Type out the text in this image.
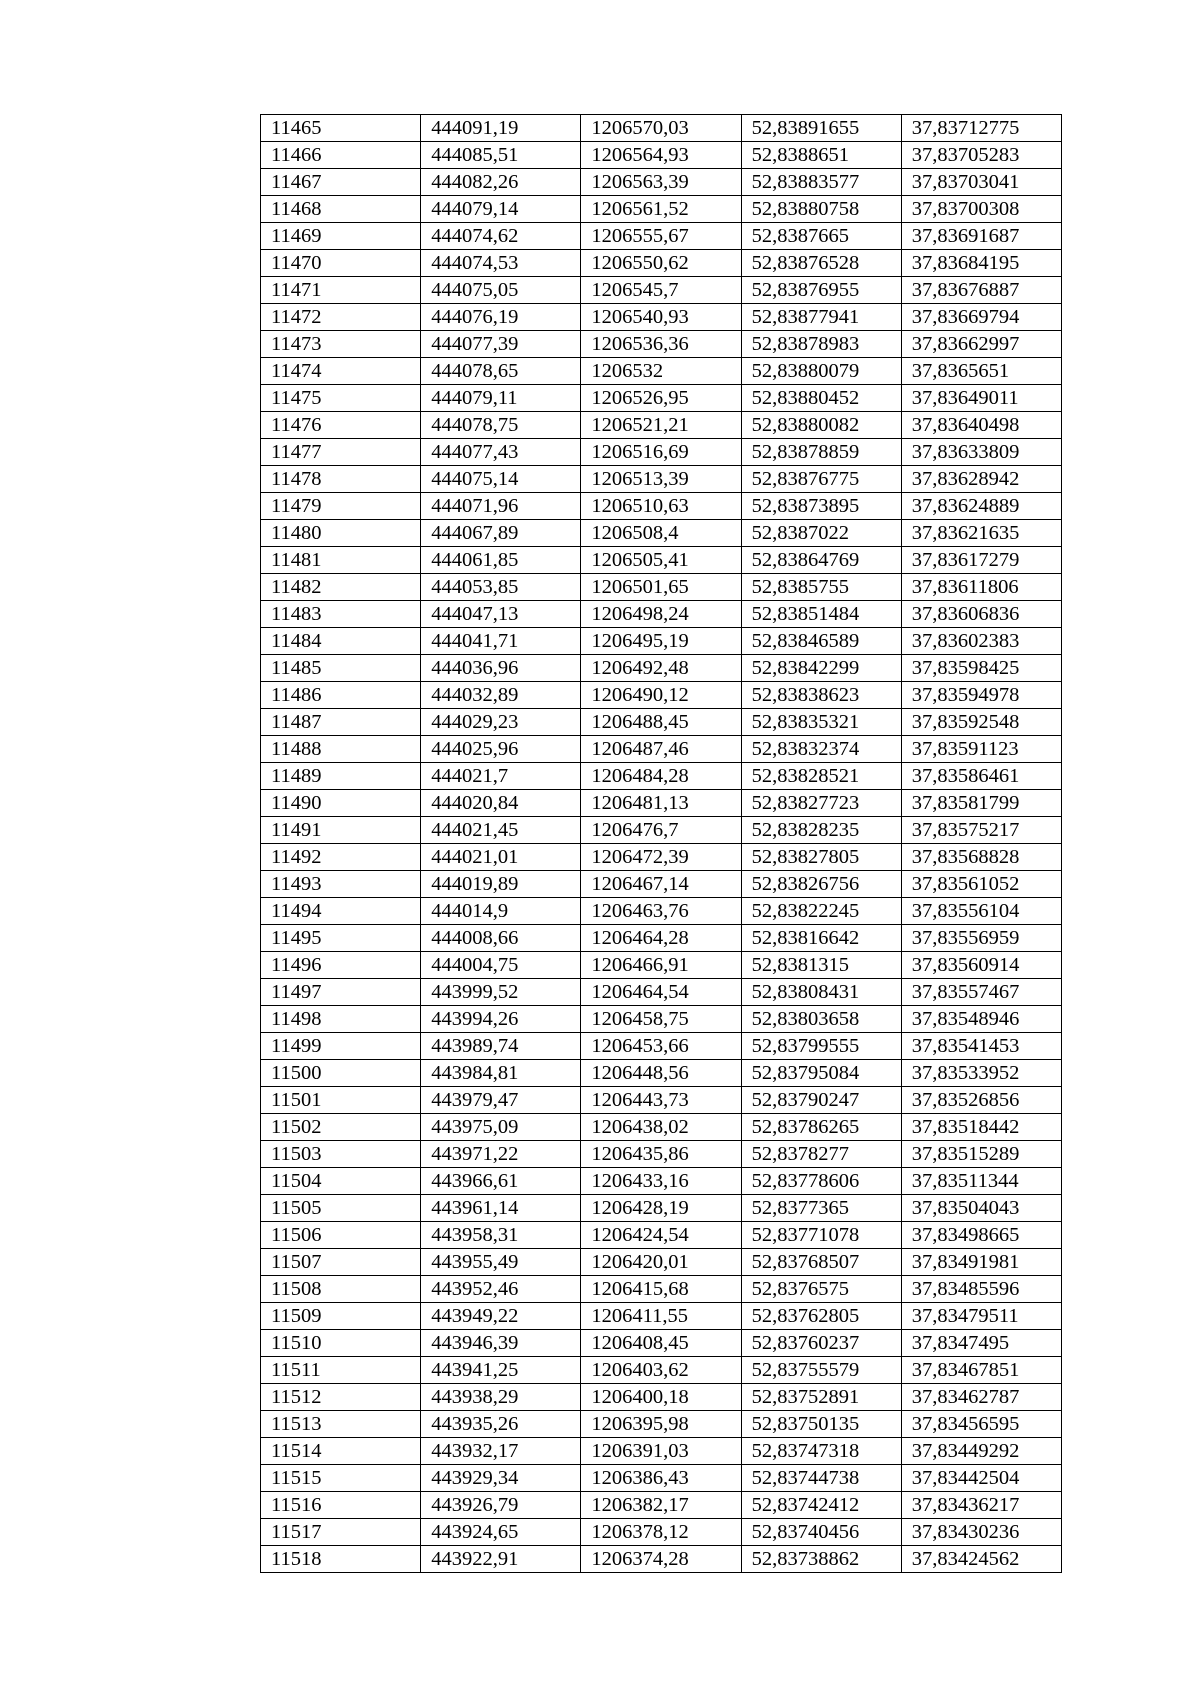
11465	444091,19	1206570,03	52,83891655	37,83712775
11466	444085,51	1206564,93	52,8388651	37,83705283
11467	444082,26	1206563,39	52,83883577	37,83703041
11468	444079,14	1206561,52	52,83880758	37,83700308
11469	444074,62	1206555,67	52,8387665	37,83691687
11470	444074,53	1206550,62	52,83876528	37,83684195
11471	444075,05	1206545,7	52,83876955	37,83676887
11472	444076,19	1206540,93	52,83877941	37,83669794
11473	444077,39	1206536,36	52,83878983	37,83662997
11474	444078,65	1206532	52,83880079	37,8365651
11475	444079,11	1206526,95	52,83880452	37,83649011
11476	444078,75	1206521,21	52,83880082	37,83640498
11477	444077,43	1206516,69	52,83878859	37,83633809
11478	444075,14	1206513,39	52,83876775	37,83628942
11479	444071,96	1206510,63	52,83873895	37,83624889
11480	444067,89	1206508,4	52,8387022	37,83621635
11481	444061,85	1206505,41	52,83864769	37,83617279
11482	444053,85	1206501,65	52,8385755	37,83611806
11483	444047,13	1206498,24	52,83851484	37,83606836
11484	444041,71	1206495,19	52,83846589	37,83602383
11485	444036,96	1206492,48	52,83842299	37,83598425
11486	444032,89	1206490,12	52,83838623	37,83594978
11487	444029,23	1206488,45	52,83835321	37,83592548
11488	444025,96	1206487,46	52,83832374	37,83591123
11489	444021,7	1206484,28	52,83828521	37,83586461
11490	444020,84	1206481,13	52,83827723	37,83581799
11491	444021,45	1206476,7	52,83828235	37,83575217
11492	444021,01	1206472,39	52,83827805	37,83568828
11493	444019,89	1206467,14	52,83826756	37,83561052
11494	444014,9	1206463,76	52,83822245	37,83556104
11495	444008,66	1206464,28	52,83816642	37,83556959
11496	444004,75	1206466,91	52,8381315	37,83560914
11497	443999,52	1206464,54	52,83808431	37,83557467
11498	443994,26	1206458,75	52,83803658	37,83548946
11499	443989,74	1206453,66	52,83799555	37,83541453
11500	443984,81	1206448,56	52,83795084	37,83533952
11501	443979,47	1206443,73	52,83790247	37,83526856
11502	443975,09	1206438,02	52,83786265	37,83518442
11503	443971,22	1206435,86	52,8378277	37,83515289
11504	443966,61	1206433,16	52,83778606	37,83511344
11505	443961,14	1206428,19	52,8377365	37,83504043
11506	443958,31	1206424,54	52,83771078	37,83498665
11507	443955,49	1206420,01	52,83768507	37,83491981
11508	443952,46	1206415,68	52,8376575	37,83485596
11509	443949,22	1206411,55	52,83762805	37,83479511
11510	443946,39	1206408,45	52,83760237	37,8347495
11511	443941,25	1206403,62	52,83755579	37,83467851
11512	443938,29	1206400,18	52,83752891	37,83462787
11513	443935,26	1206395,98	52,83750135	37,83456595
11514	443932,17	1206391,03	52,83747318	37,83449292
11515	443929,34	1206386,43	52,83744738	37,83442504
11516	443926,79	1206382,17	52,83742412	37,83436217
11517	443924,65	1206378,12	52,83740456	37,83430236
11518	443922,91	1206374,28	52,83738862	37,83424562
